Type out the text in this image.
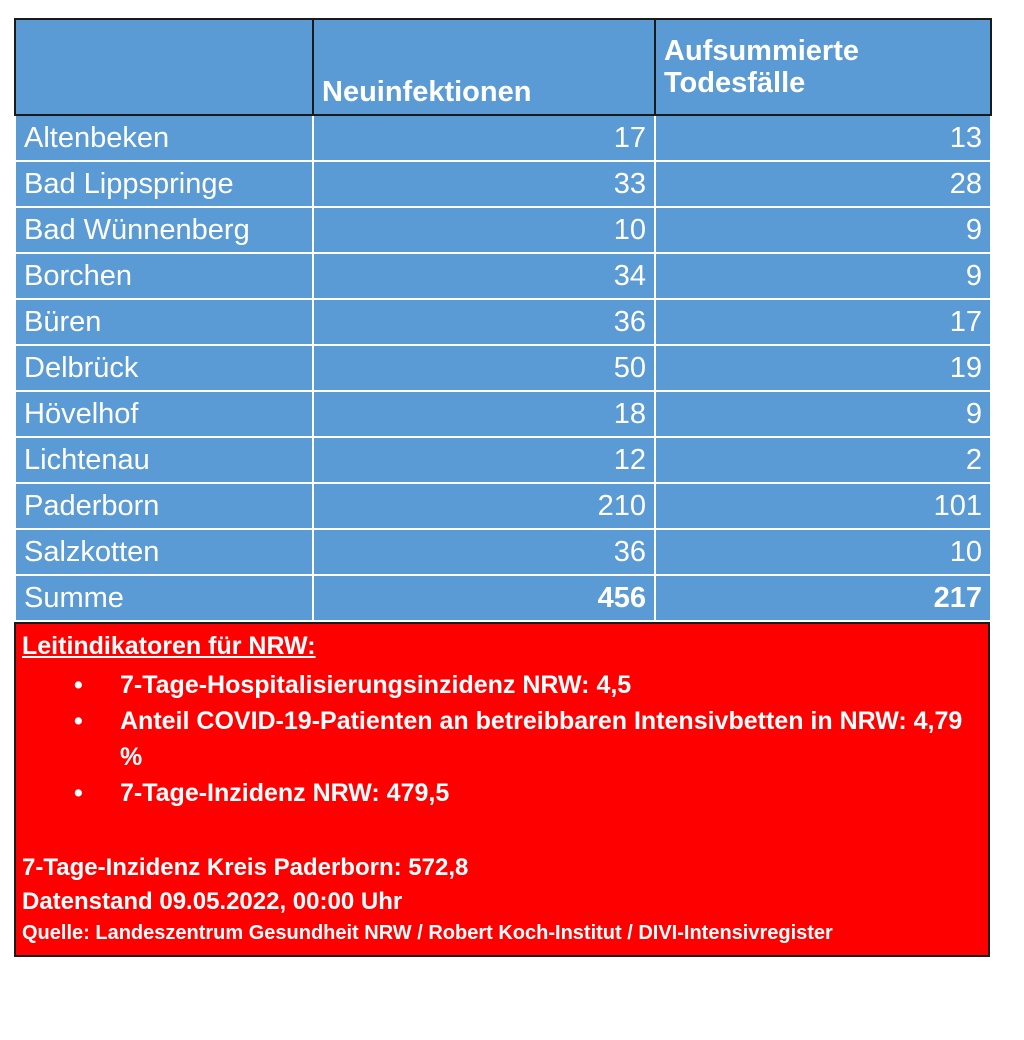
	Neuinfektionen	Aufsummierte
Todesfälle

Altenbeken	17	13
Bad Lippspringe	33	28
Bad Wünnenberg	10	9
Borchen	34	9
Büren	36	17
Delbrück	50	19
Hövelhof	18	9
Lichtenau	12	2
Paderborn	210	101
Salzkotten	36	10
Summe	456	217
Leitindikatoren für NRW:
• 7-Tage-Hospitalisierungsinzidenz NRW: 4,5
• Anteil COVID-19-Patienten an betreibbaren Intensivbetten in NRW: 4,79 %
• 7-Tage-Inzidenz NRW: 479,5
7-Tage-Inzidenz Kreis Paderborn: 572,8
Datenstand 09.05.2022, 00:00 Uhr
Quelle: Landeszentrum Gesundheit NRW / Robert Koch-Institut / DIVI-Intensivregister
